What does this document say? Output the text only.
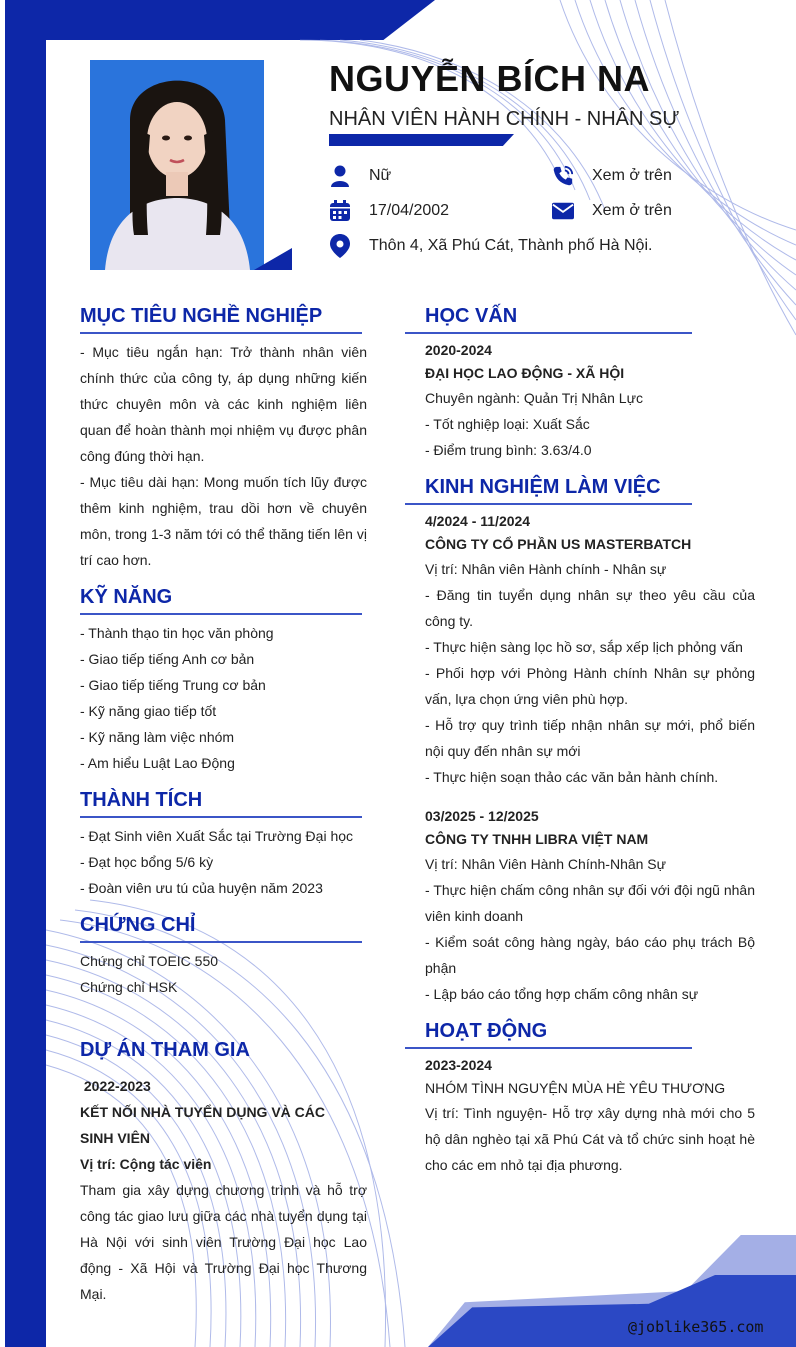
NGUYỄN BÍCH NA
NHÂN VIÊN HÀNH CHÍNH - NHÂN SỰ
Nữ
17/04/2002
Thôn 4, Xã Phú Cát, Thành phố Hà Nội.
Xem ở trên
Xem ở trên
MỤC TIÊU NGHỀ NGHIỆP
- Mục tiêu ngắn hạn: Trở thành nhân viên chính thức của công ty, áp dụng những kiến thức chuyên môn và các kinh nghiệm liên quan để hoàn thành mọi nhiệm vụ được phân công đúng thời hạn.
- Mục tiêu dài hạn: Mong muốn tích lũy được thêm kinh nghiệm, trau dồi hơn về chuyên môn, trong 1-3 năm tới có thể thăng tiến lên vị trí cao hơn.
KỸ NĂNG
- Thành thạo tin học văn phòng
- Giao tiếp tiếng Anh cơ bản
- Giao tiếp tiếng Trung cơ bản
- Kỹ năng giao tiếp tốt
- Kỹ năng làm việc nhóm
- Am hiểu Luật Lao Động
THÀNH TÍCH
- Đạt Sinh viên Xuất Sắc tại Trường Đại học
- Đạt học bổng 5/6 kỳ
- Đoàn viên ưu tú của huyện năm 2023
CHỨNG CHỈ
Chứng chỉ TOEIC 550
Chứng chỉ HSK
DỰ ÁN THAM GIA
2022-2023
KẾT NỐI NHÀ TUYỂN DỤNG VÀ CÁC SINH VIÊN
Vị trí: Cộng tác viên
Tham gia xây dựng chương trình và hỗ trợ công tác giao lưu giữa các nhà tuyển dụng tại Hà Nội với sinh viên Trường Đại học Lao động - Xã Hội và Trường Đại học Thương Mại.
HỌC VẤN
2020-2024
ĐẠI HỌC LAO ĐỘNG - XÃ HỘI
Chuyên ngành: Quản Trị Nhân Lực
- Tốt nghiệp loại: Xuất Sắc
- Điểm trung bình: 3.63/4.0
KINH NGHIỆM LÀM VIỆC
4/2024 - 11/2024
CÔNG TY CỔ PHẦN US MASTERBATCH
Vị trí: Nhân viên Hành chính - Nhân sự
- Đăng tin tuyển dụng nhân sự theo yêu cầu của công ty.
- Thực hiện sàng lọc hồ sơ, sắp xếp lịch phỏng vấn
- Phối hợp với Phòng Hành chính Nhân sự phỏng vấn, lựa chọn ứng viên phù hợp.
- Hỗ trợ quy trình tiếp nhận nhân sự mới, phổ biến nội quy đến nhân sự mới
- Thực hiện soạn thảo các văn bản hành chính.
03/2025 - 12/2025
CÔNG TY TNHH LIBRA VIỆT NAM
Vị trí: Nhân Viên Hành Chính-Nhân Sự
- Thực hiện chấm công nhân sự đối với đội ngũ nhân viên kinh doanh
- Kiểm soát công hàng ngày, báo cáo phụ trách Bộ phận
- Lập báo cáo tổng hợp chấm công nhân sự
HOẠT ĐỘNG
2023-2024
NHÓM TÌNH NGUYỆN MÙA HÈ YÊU THƯƠNG
Vị trí: Tình nguyện- Hỗ trợ xây dựng nhà mới cho 5 hộ dân nghèo tại xã Phú Cát và tổ chức sinh hoạt hè cho các em nhỏ tại địa phương.
@joblike365.com
